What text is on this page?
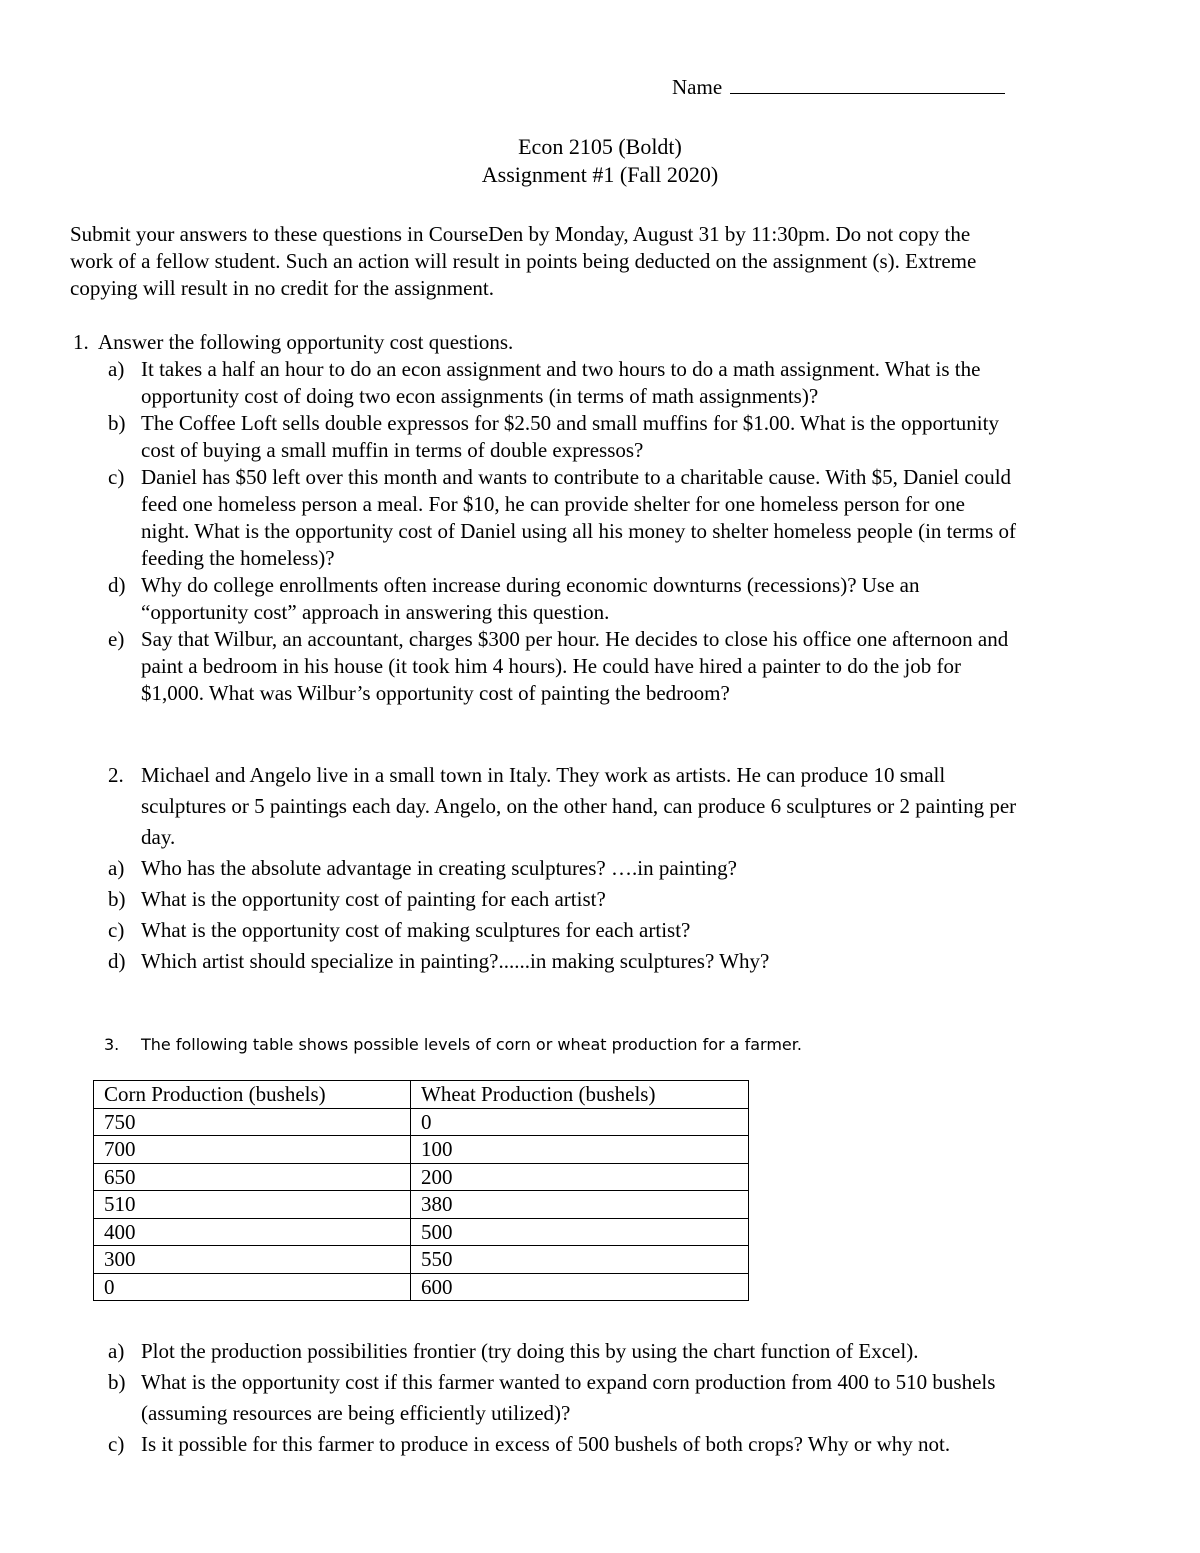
Name
Econ 2105 (Boldt)
Assignment #1 (Fall 2020)

Submit your answers to these questions in CourseDen by Monday, August 31 by 11:30pm. Do not copy the

work of a fellow student. Such an action will result in points being deducted on the assignment (s). Extreme

copying will result in no credit for the assignment.

1. Answer the following opportunity cost questions.
a) It takes a half an hour to do an econ assignment and two hours to do a math assignment. What is the
opportunity cost of doing two econ assignments (in terms of math assignments)?
b) The Coffee Loft sells double expressos for $2.50 and small muffins for $1.00. What is the opportunity
cost of buying a small muffin in terms of double expressos?
c) Daniel has $50 left over this month and wants to contribute to a charitable cause. With $5, Daniel could
feed one homeless person a meal. For $10, he can provide shelter for one homeless person for one
night. What is the opportunity cost of Daniel using all his money to shelter homeless people (in terms of
feeding the homeless)?
d) Why do college enrollments often increase during economic downturns (recessions)? Use an
“opportunity cost” approach in answering this question.
e) Say that Wilbur, an accountant, charges $300 per hour. He decides to close his office one afternoon and
paint a bedroom in his house (it took him 4 hours). He could have hired a painter to do the job for
$1,000. What was Wilbur’s opportunity cost of painting the bedroom?
2. Michael and Angelo live in a small town in Italy. They work as artists. He can produce 10 small
sculptures or 5 paintings each day. Angelo, on the other hand, can produce 6 sculptures or 2 painting per
day.
a) Who has the absolute advantage in creating sculptures? ….in painting?
b) What is the opportunity cost of painting for each artist?
c) What is the opportunity cost of making sculptures for each artist?
d) Which artist should specialize in painting?......in making sculptures? Why?
3. The following table shows possible levels of corn or wheat production for a farmer.
Corn Production (bushels)	Wheat Production (bushels)
750	0
700	100
650	200
510	380
400	500
300	550
0	600
a) Plot the production possibilities frontier (try doing this by using the chart function of Excel).
b) What is the opportunity cost if this farmer wanted to expand corn production from 400 to 510 bushels
(assuming resources are being efficiently utilized)?
c) Is it possible for this farmer to produce in excess of 500 bushels of both crops? Why or why not.
